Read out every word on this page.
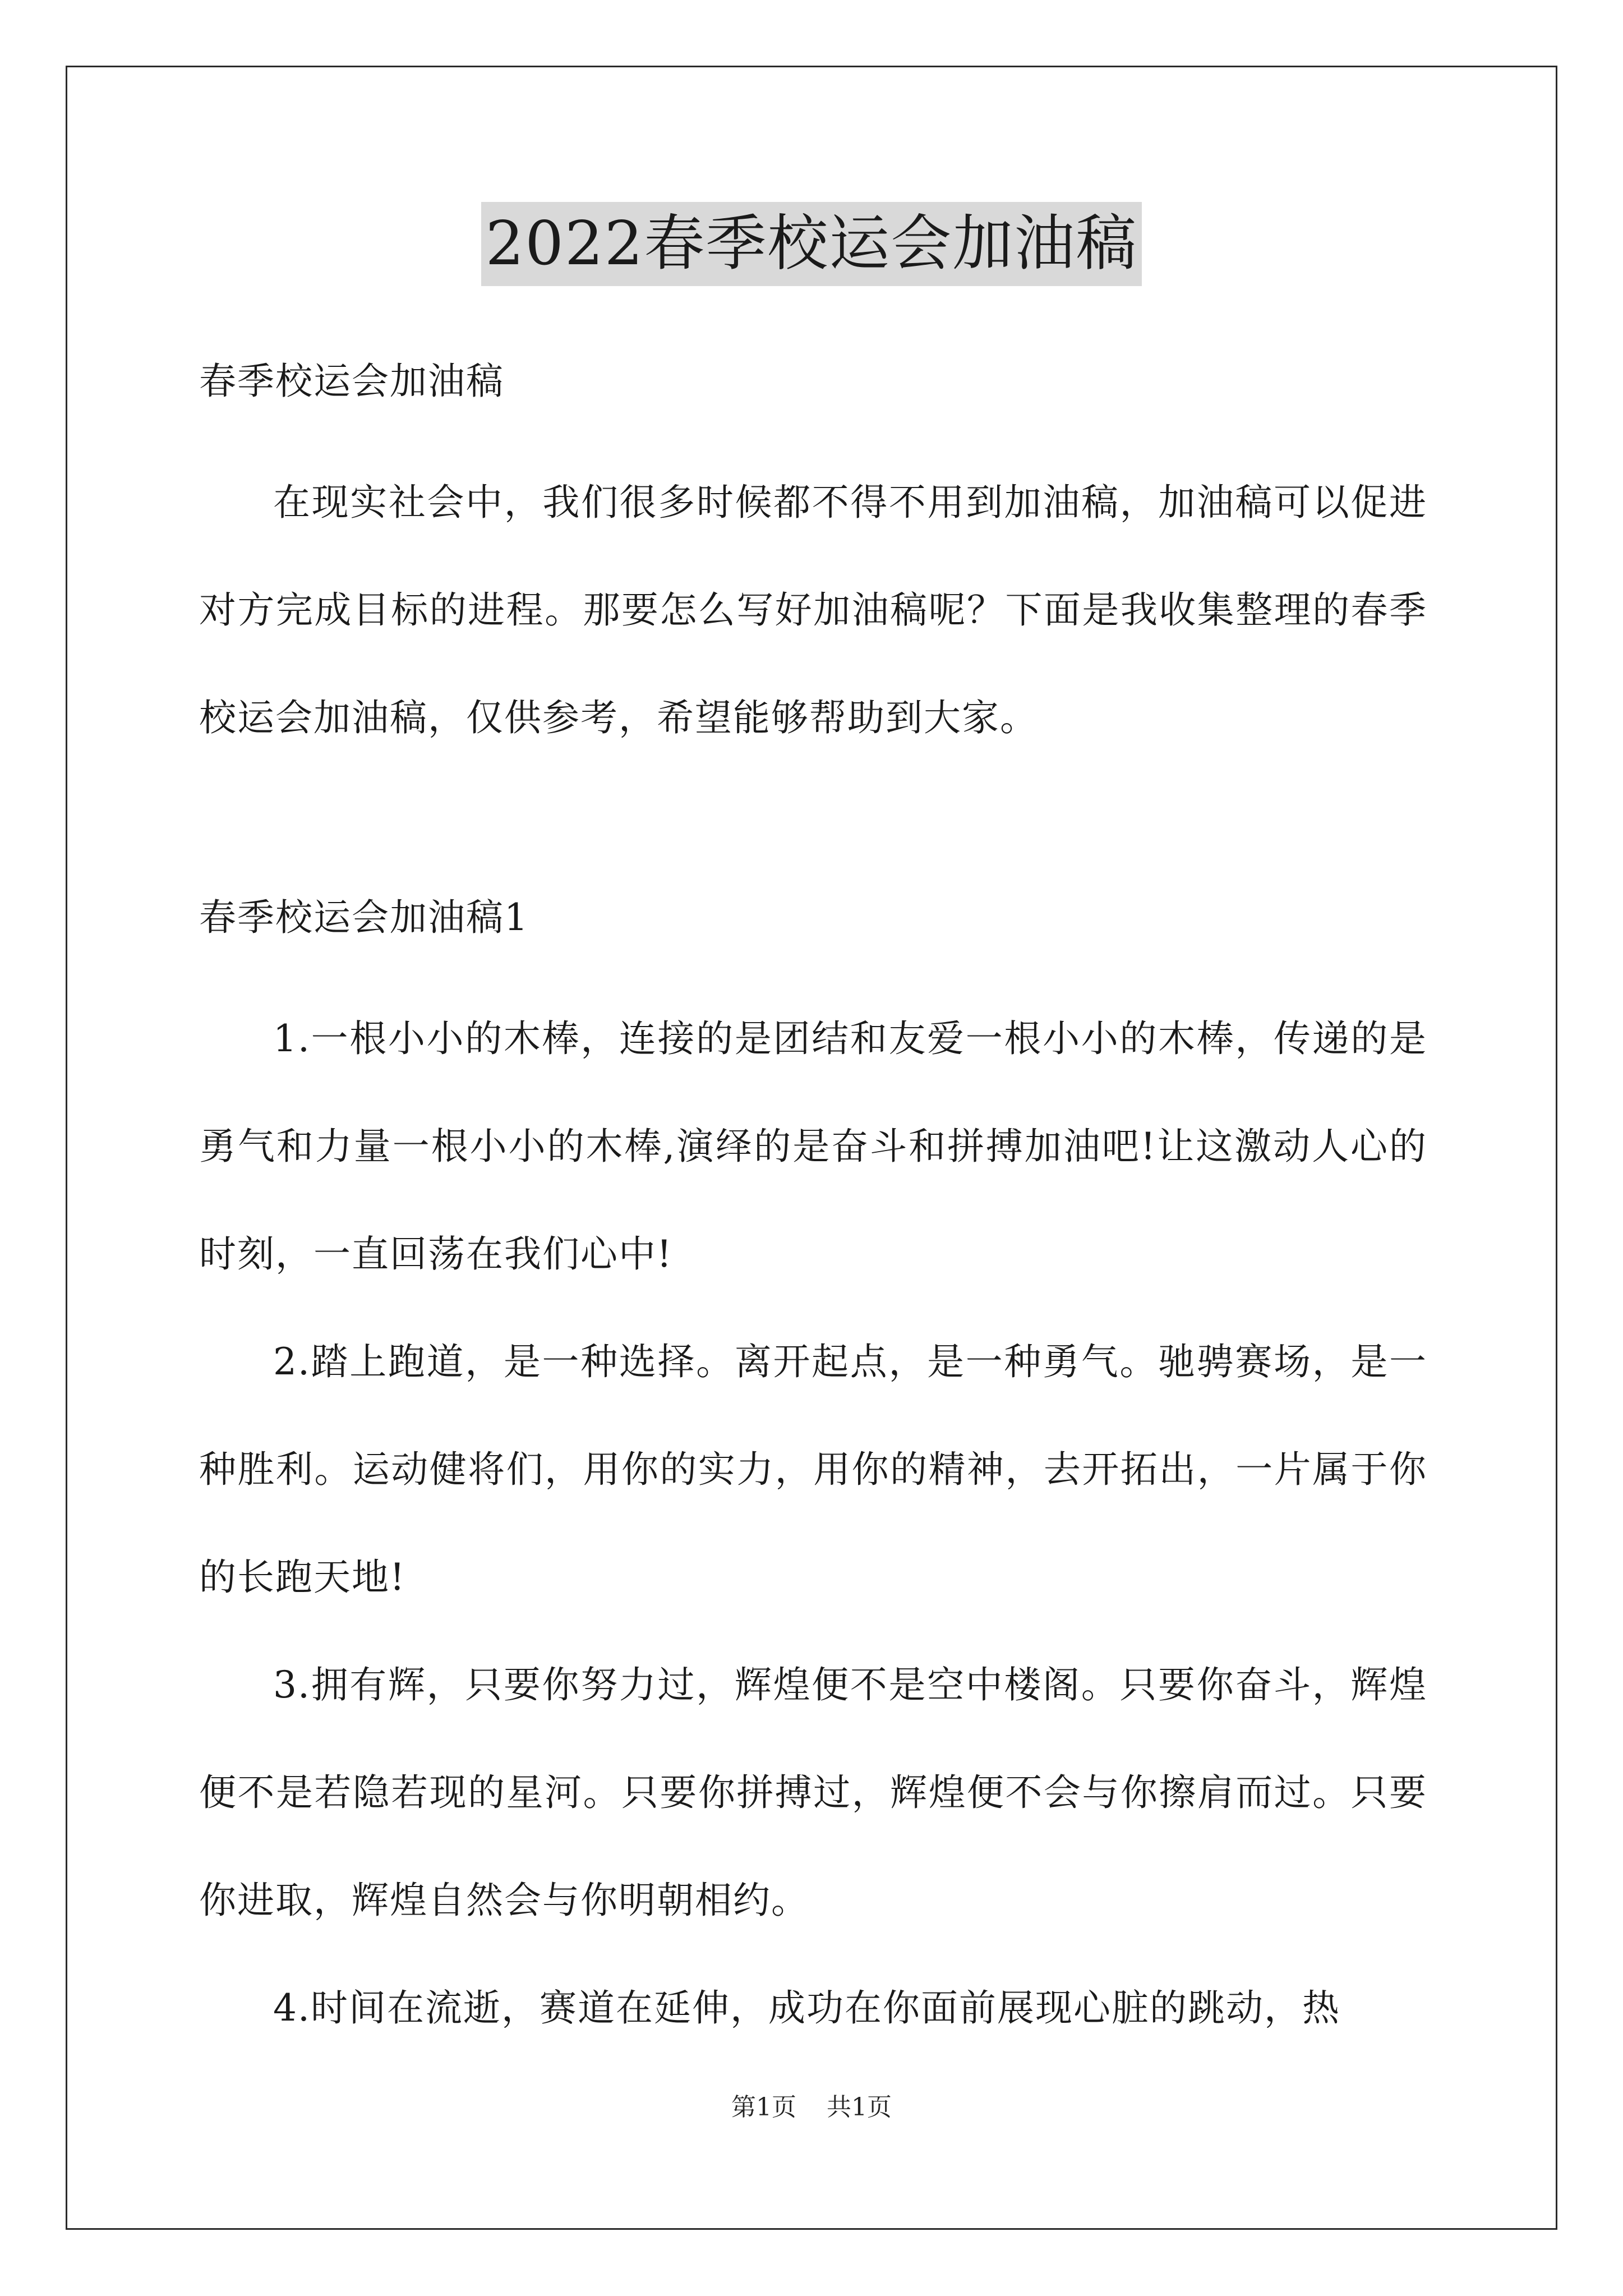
2022春季校运会加油稿

春季校运会加油稿

在现实社会中，我们很多时候都不得不用到加油稿，加油稿可以促进对方完成目标的进程。那要怎么写好加油稿呢？下面是我收集整理的春季校运会加油稿，仅供参考，希望能够帮助到大家。

春季校运会加油稿1

1.一根小小的木棒，连接的是团结和友爱一根小小的木棒，传递的是勇气和力量一根小小的木棒,演绎的是奋斗和拼搏加油吧!让这激动人心的时刻，一直回荡在我们心中!

2.踏上跑道，是一种选择。离开起点，是一种勇气。驰骋赛场，是一种胜利。运动健将们，用你的实力，用你的精神，去开拓出，一片属于你的长跑天地!

3.拥有辉，只要你努力过，辉煌便不是空中楼阁。只要你奋斗，辉煌便不是若隐若现的星河。只要你拼搏过，辉煌便不会与你擦肩而过。只要你进取，辉煌自然会与你明朝相约。

4.时间在流逝，赛道在延伸，成功在你面前展现心脏的跳动，热

第1页 共1页
